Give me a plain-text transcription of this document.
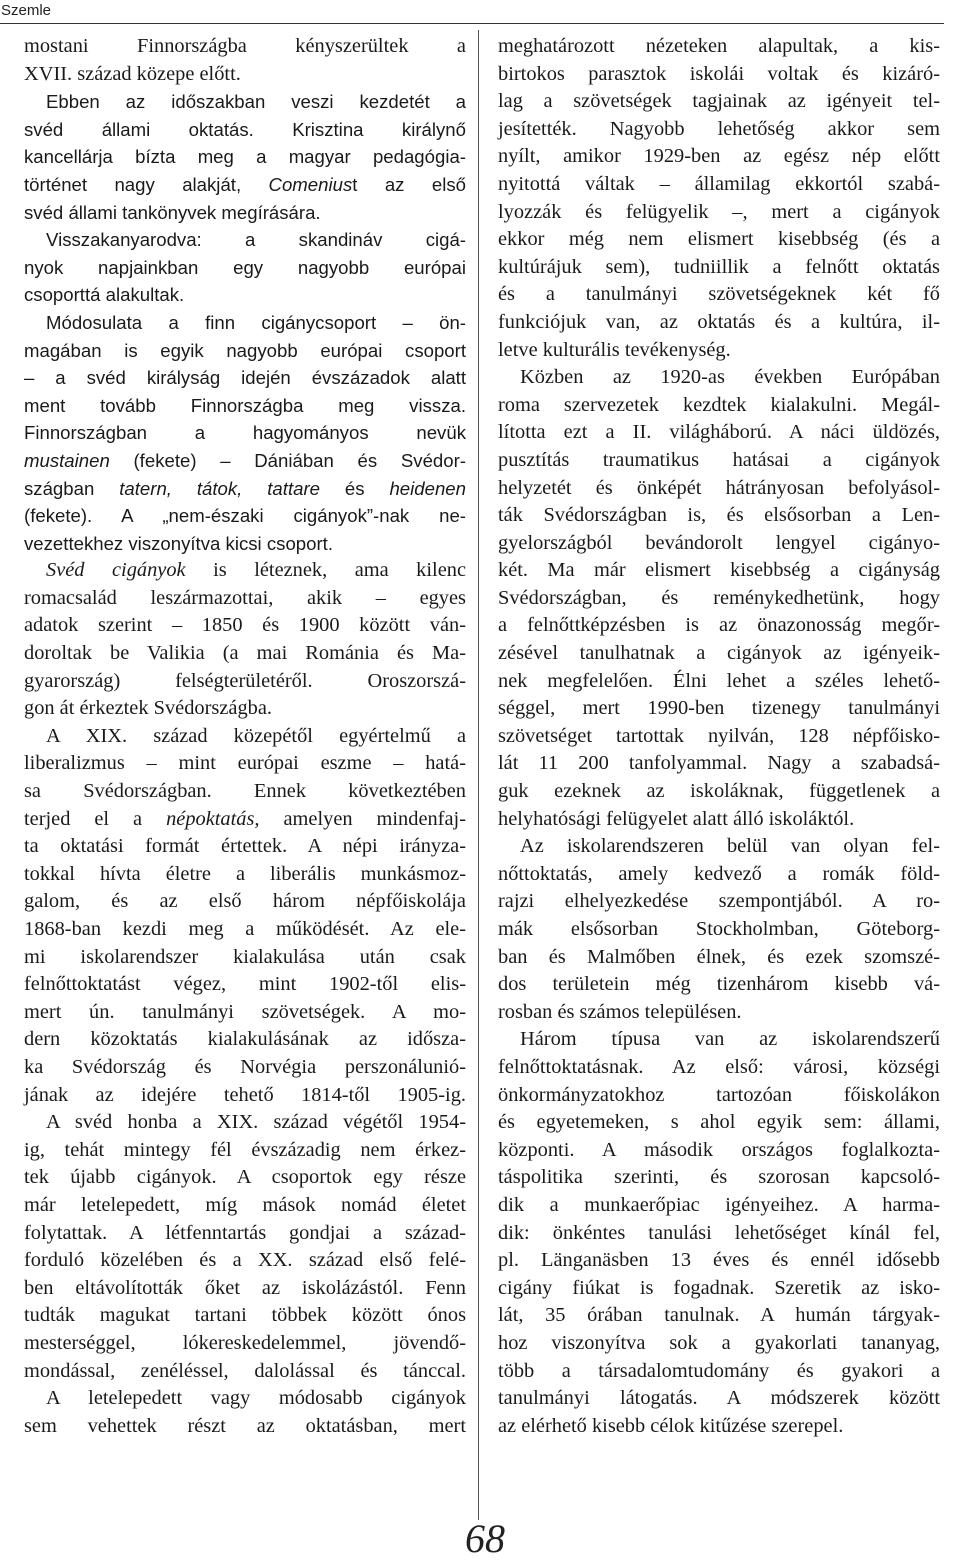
Szemle
mostani Finnországba kényszerültek a
XVII. század közepe előtt.
Ebben az időszakban veszi kezdetét a
svéd állami oktatás. Krisztina királynő
kancellárja bízta meg a magyar pedagógia-
történet nagy alakját, Comeniust az első
svéd állami tankönyvek megírására.
Visszakanyarodva: a skandináv cigá-
nyok napjainkban egy nagyobb európai
csoporttá alakultak.
Módosulata a finn cigánycsoport – ön-
magában is egyik nagyobb európai csoport
– a svéd királyság idején évszázadok alatt
ment tovább Finnországba meg vissza.
Finnországban a hagyományos nevük
mustainen (fekete) – Dániában és Svédor-
szágban tatern, tátok, tattare és heidenen
(fekete). A „nem-északi cigányok”-nak ne-
vezettekhez viszonyítva kicsi csoport.
Svéd cigányok is léteznek, ama kilenc
romacsalád leszármazottai, akik – egyes
adatok szerint – 1850 és 1900 között ván-
doroltak be Valikia (a mai Románia és Ma-
gyarország) felségterületéről. Oroszorszá-
gon át érkeztek Svédországba.
A XIX. század közepétől egyértelmű a
liberalizmus – mint európai eszme – hatá-
sa Svédországban. Ennek következtében
terjed el a népoktatás, amelyen mindenfaj-
ta oktatási formát értettek. A népi irányza-
tokkal hívta életre a liberális munkásmoz-
galom, és az első három népfőiskolája
1868-ban kezdi meg a működését. Az ele-
mi iskolarendszer kialakulása után csak
felnőttoktatást végez, mint 1902-től elis-
mert ún. tanulmányi szövetségek. A mo-
dern közoktatás kialakulásának az idősza-
ka Svédország és Norvégia perszonálunió-
jának az idejére tehető 1814-től 1905-ig.
A svéd honba a XIX. század végétől 1954-
ig, tehát mintegy fél évszázadig nem érkez-
tek újabb cigányok. A csoportok egy része
már letelepedett, míg mások nomád életet
folytattak. A létfenntartás gondjai a század-
forduló közelében és a XX. század első felé-
ben eltávolították őket az iskolázástól. Fenn
tudták magukat tartani többek között ónos
mesterséggel, lókereskedelemmel, jövendő-
mondással, zenéléssel, dalolással és tánccal.
A letelepedett vagy módosabb cigányok
sem vehettek részt az oktatásban, mert
meghatározott nézeteken alapultak, a kis-
birtokos parasztok iskolái voltak és kizáró-
lag a szövetségek tagjainak az igényeit tel-
jesítették. Nagyobb lehetőség akkor sem
nyílt, amikor 1929-ben az egész nép előtt
nyitottá váltak – államilag ekkortól szabá-
lyozzák és felügyelik –, mert a cigányok
ekkor még nem elismert kisebbség (és a
kultúrájuk sem), tudniillik a felnőtt oktatás
és a tanulmányi szövetségeknek két fő
funkciójuk van, az oktatás és a kultúra, il-
letve kulturális tevékenység.
Közben az 1920-as években Európában
roma szervezetek kezdtek kialakulni. Megál-
lította ezt a II. világháború. A náci üldözés,
pusztítás traumatikus hatásai a cigányok
helyzetét és önképét hátrányosan befolyásol-
ták Svédországban is, és elsősorban a Len-
gyelországból bevándorolt lengyel cigányo-
két. Ma már elismert kisebbség a cigányság
Svédországban, és reménykedhetünk, hogy
a felnőttképzésben is az önazonosság megőr-
zésével tanulhatnak a cigányok az igényeik-
nek megfelelően. Élni lehet a széles lehető-
séggel, mert 1990-ben tizenegy tanulmányi
szövetséget tartottak nyilván, 128 népfőisko-
lát 11 200 tanfolyammal. Nagy a szabadsá-
guk ezeknek az iskoláknak, függetlenek a
helyhatósági felügyelet alatt álló iskoláktól.
Az iskolarendszeren belül van olyan fel-
nőttoktatás, amely kedvező a romák föld-
rajzi elhelyezkedése szempontjából. A ro-
mák elsősorban Stockholmban, Göteborg-
ban és Malmőben élnek, és ezek szomszé-
dos területein még tizenhárom kisebb vá-
rosban és számos településen.
Három típusa van az iskolarendszerű
felnőttoktatásnak. Az első: városi, községi
önkormányzatokhoz tartozóan főiskolákon
és egyetemeken, s ahol egyik sem: állami,
központi. A második országos foglalkozta-
táspolitika szerinti, és szorosan kapcsoló-
dik a munkaerőpiac igényeihez. A harma-
dik: önkéntes tanulási lehetőséget kínál fel,
pl. Länganäsben 13 éves és ennél idősebb
cigány fiúkat is fogadnak. Szeretik az isko-
lát, 35 órában tanulnak. A humán tárgyak-
hoz viszonyítva sok a gyakorlati tananyag,
több a társadalomtudomány és gyakori a
tanulmányi látogatás. A módszerek között
az elérhető kisebb célok kitűzése szerepel.
68
